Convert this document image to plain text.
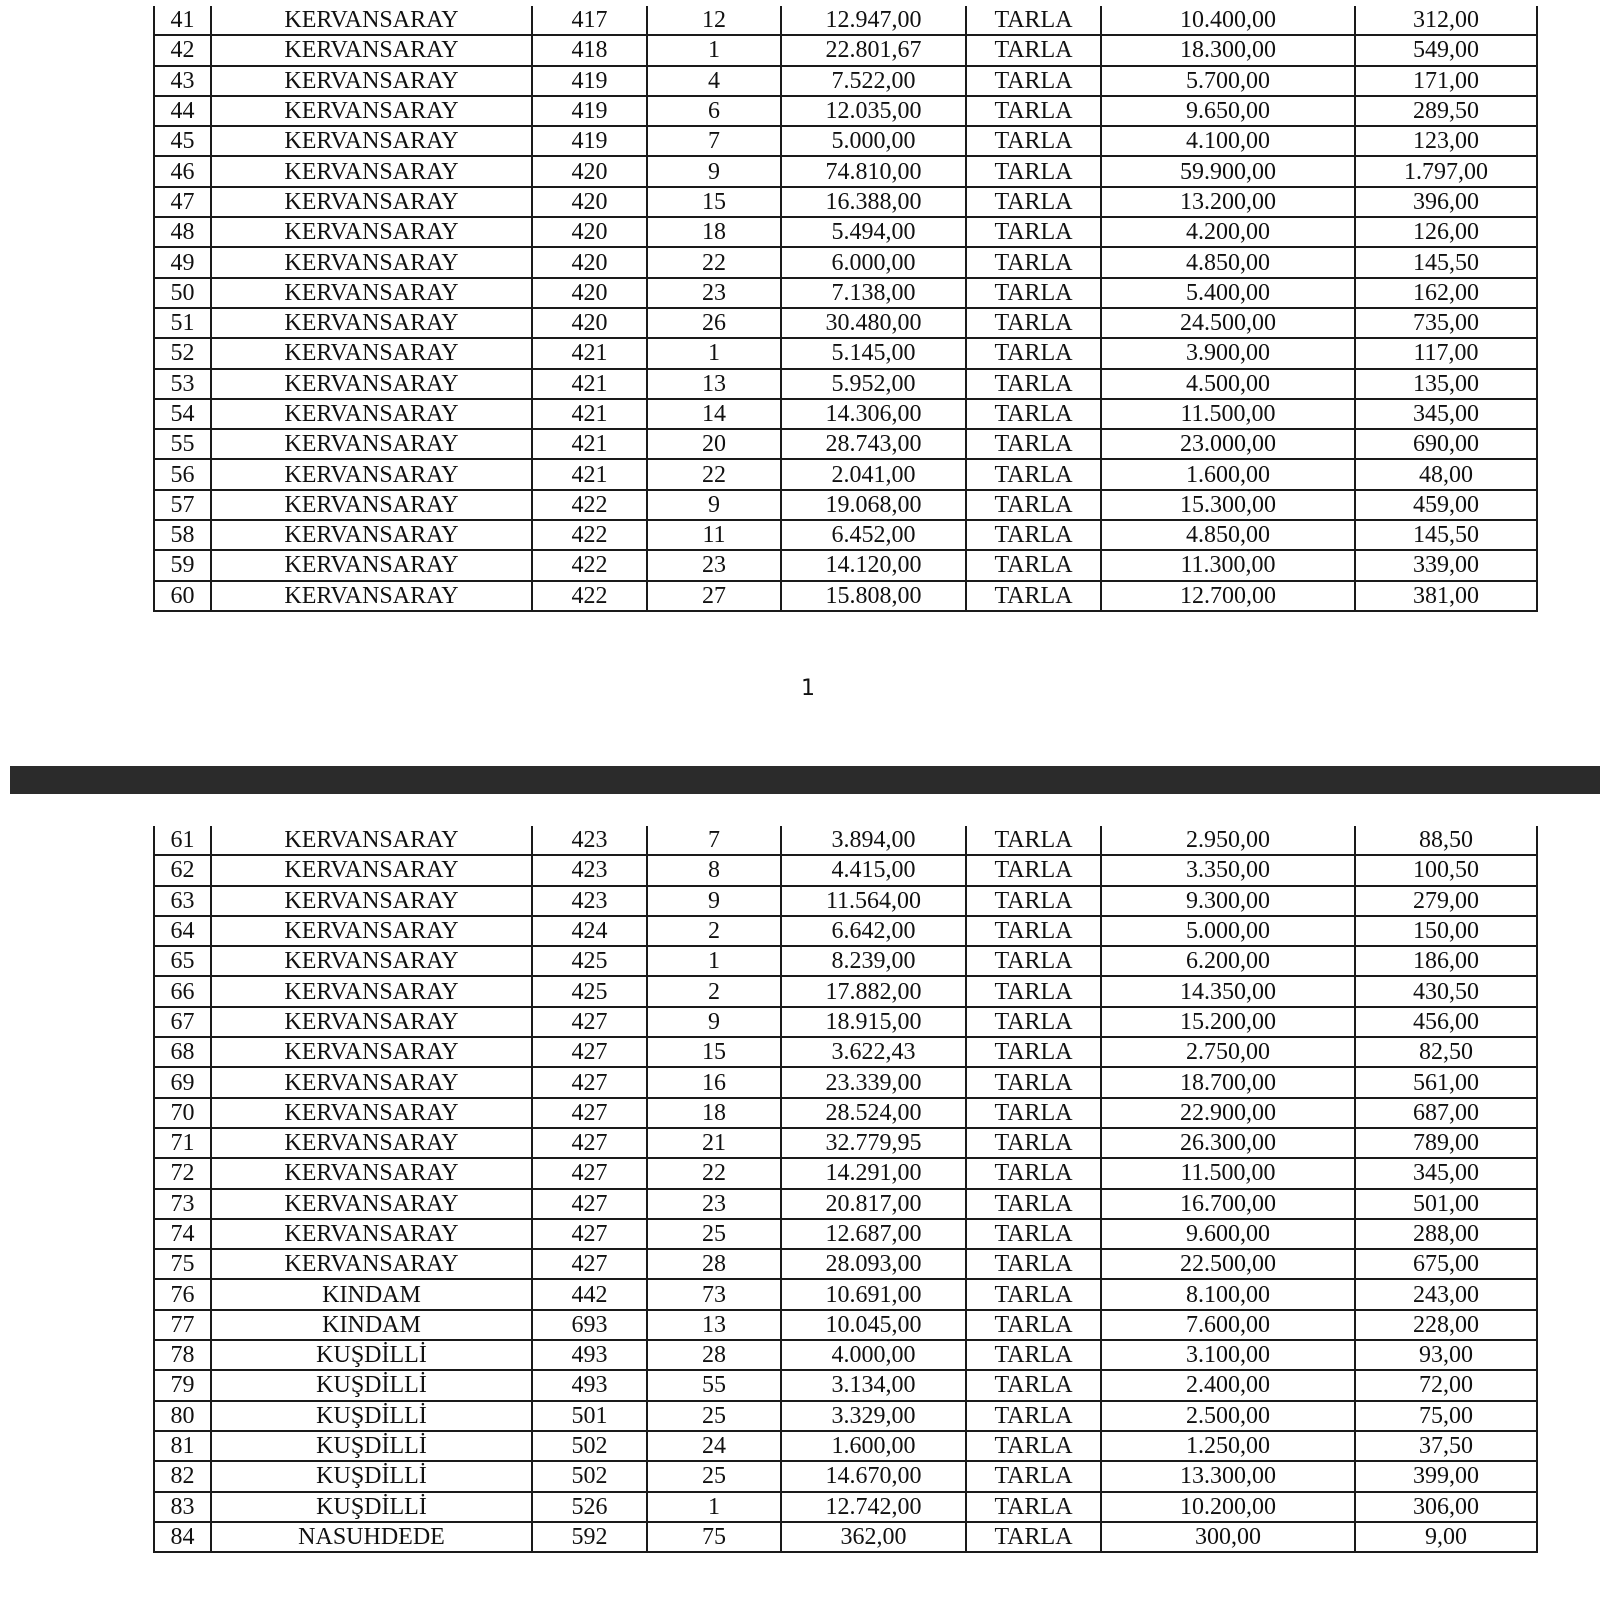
41	KERVANSARAY	417	12	12.947,00	TARLA	10.400,00	312,00
42	KERVANSARAY	418	1	22.801,67	TARLA	18.300,00	549,00
43	KERVANSARAY	419	4	7.522,00	TARLA	5.700,00	171,00
44	KERVANSARAY	419	6	12.035,00	TARLA	9.650,00	289,50
45	KERVANSARAY	419	7	5.000,00	TARLA	4.100,00	123,00
46	KERVANSARAY	420	9	74.810,00	TARLA	59.900,00	1.797,00
47	KERVANSARAY	420	15	16.388,00	TARLA	13.200,00	396,00
48	KERVANSARAY	420	18	5.494,00	TARLA	4.200,00	126,00
49	KERVANSARAY	420	22	6.000,00	TARLA	4.850,00	145,50
50	KERVANSARAY	420	23	7.138,00	TARLA	5.400,00	162,00
51	KERVANSARAY	420	26	30.480,00	TARLA	24.500,00	735,00
52	KERVANSARAY	421	1	5.145,00	TARLA	3.900,00	117,00
53	KERVANSARAY	421	13	5.952,00	TARLA	4.500,00	135,00
54	KERVANSARAY	421	14	14.306,00	TARLA	11.500,00	345,00
55	KERVANSARAY	421	20	28.743,00	TARLA	23.000,00	690,00
56	KERVANSARAY	421	22	2.041,00	TARLA	1.600,00	48,00
57	KERVANSARAY	422	9	19.068,00	TARLA	15.300,00	459,00
58	KERVANSARAY	422	11	6.452,00	TARLA	4.850,00	145,50
59	KERVANSARAY	422	23	14.120,00	TARLA	11.300,00	339,00
60	KERVANSARAY	422	27	15.808,00	TARLA	12.700,00	381,00
1
61	KERVANSARAY	423	7	3.894,00	TARLA	2.950,00	88,50
62	KERVANSARAY	423	8	4.415,00	TARLA	3.350,00	100,50
63	KERVANSARAY	423	9	11.564,00	TARLA	9.300,00	279,00
64	KERVANSARAY	424	2	6.642,00	TARLA	5.000,00	150,00
65	KERVANSARAY	425	1	8.239,00	TARLA	6.200,00	186,00
66	KERVANSARAY	425	2	17.882,00	TARLA	14.350,00	430,50
67	KERVANSARAY	427	9	18.915,00	TARLA	15.200,00	456,00
68	KERVANSARAY	427	15	3.622,43	TARLA	2.750,00	82,50
69	KERVANSARAY	427	16	23.339,00	TARLA	18.700,00	561,00
70	KERVANSARAY	427	18	28.524,00	TARLA	22.900,00	687,00
71	KERVANSARAY	427	21	32.779,95	TARLA	26.300,00	789,00
72	KERVANSARAY	427	22	14.291,00	TARLA	11.500,00	345,00
73	KERVANSARAY	427	23	20.817,00	TARLA	16.700,00	501,00
74	KERVANSARAY	427	25	12.687,00	TARLA	9.600,00	288,00
75	KERVANSARAY	427	28	28.093,00	TARLA	22.500,00	675,00
76	KINDAM	442	73	10.691,00	TARLA	8.100,00	243,00
77	KINDAM	693	13	10.045,00	TARLA	7.600,00	228,00
78	KUŞDİLLİ	493	28	4.000,00	TARLA	3.100,00	93,00
79	KUŞDİLLİ	493	55	3.134,00	TARLA	2.400,00	72,00
80	KUŞDİLLİ	501	25	3.329,00	TARLA	2.500,00	75,00
81	KUŞDİLLİ	502	24	1.600,00	TARLA	1.250,00	37,50
82	KUŞDİLLİ	502	25	14.670,00	TARLA	13.300,00	399,00
83	KUŞDİLLİ	526	1	12.742,00	TARLA	10.200,00	306,00
84	NASUHDEDE	592	75	362,00	TARLA	300,00	9,00
